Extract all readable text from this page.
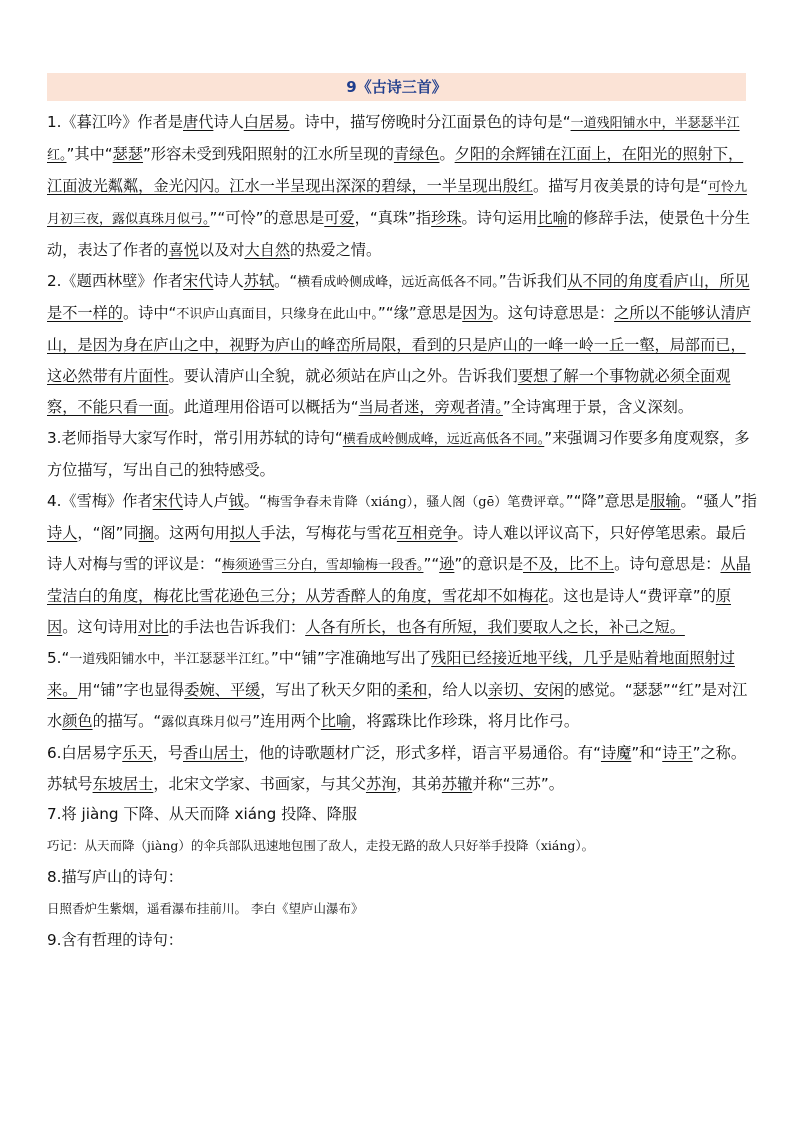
9《古诗三首》

1.《暮江吟》作者是唐代诗人白居易。诗中，描写傍晚时分江面景色的诗句是“一道残阳铺水中，半瑟瑟半江红。”其中“瑟瑟”形容未受到残阳照射的江水所呈现的青绿色。夕阳的余辉铺在江面上，在阳光的照射下，江面波光粼粼，金光闪闪。江水一半呈现出深深的碧绿，一半呈现出殷红。描写月夜美景的诗句是“可怜九月初三夜，露似真珠月似弓。”“可怜”的意思是可爱，“真珠”指珍珠。诗句运用比喻的修辞手法，使景色十分生动，表达了作者的喜悦以及对大自然的热爱之情。

2.《题西林壁》作者宋代诗人苏轼。“横看成岭侧成峰，远近高低各不同。”告诉我们从不同的角度看庐山，所见是不一样的。诗中“不识庐山真面目，只缘身在此山中。”“缘”意思是因为。这句诗意思是：之所以不能够认清庐山，是因为身在庐山之中，视野为庐山的峰峦所局限，看到的只是庐山的一峰一岭一丘一壑，局部而已，这必然带有片面性。要认清庐山全貌，就必须站在庐山之外。告诉我们要想了解一个事物就必须全面观察，不能只看一面。此道理用俗语可以概括为“当局者迷，旁观者清。”全诗寓理于景，含义深刻。

3.老师指导大家写作时，常引用苏轼的诗句“横看成岭侧成峰，远近高低各不同。”来强调习作要多角度观察，多方位描写，写出自己的独特感受。

4.《雪梅》作者宋代诗人卢钺。“梅雪争春未肯降（xiáng），骚人阁（gē）笔费评章。”“降”意思是服输。“骚人”指诗人，“阁”同搁。这两句用拟人手法，写梅花与雪花互相竞争。诗人难以评议高下，只好停笔思索。最后诗人对梅与雪的评议是：“梅须逊雪三分白，雪却输梅一段香。”“逊”的意识是不及，比不上。诗句意思是：从晶莹洁白的角度，梅花比雪花逊色三分；从芳香醉人的角度，雪花却不如梅花。这也是诗人“费评章”的原因。这句诗用对比的手法也告诉我们：人各有所长，也各有所短，我们要取人之长，补己之短。

5.“一道残阳铺水中，半江瑟瑟半江红。”中“铺”字准确地写出了残阳已经接近地平线，几乎是贴着地面照射过来。用“铺”字也显得委婉、平缓，写出了秋天夕阳的柔和，给人以亲切、安闲的感觉。“瑟瑟”“红”是对江水颜色的描写。“露似真珠月似弓”连用两个比喻，将露珠比作珍珠，将月比作弓。

6.白居易字乐天，号香山居士，他的诗歌题材广泛，形式多样，语言平易通俗。有“诗魔”和“诗王”之称。苏轼号东坡居士，北宋文学家、书画家，与其父苏洵，其弟苏辙并称“三苏”。

7.将 jiàng 下降、从天而降 xiáng 投降、降服

巧记：从天而降（jiàng）的伞兵部队迅速地包围了敌人，走投无路的敌人只好举手投降（xiáng）。

8.描写庐山的诗句：

日照香炉生紫烟，遥看瀑布挂前川。 李白《望庐山瀑布》

9.含有哲理的诗句：
